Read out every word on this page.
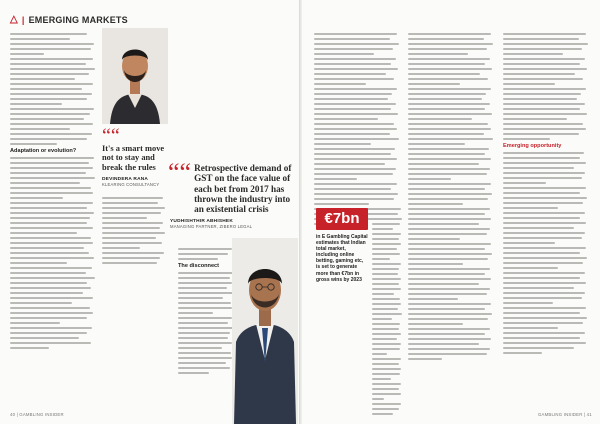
△ | EMERGING MARKETS
Adaptation or evolution?
““
It's a smart move not to stay and break the rules
DEVINDERA RANA
KLEARING CONSULTANCY ““ Retrospective demand of GST on the face value of each bet from 2017 has thrown the industry into an existential crisis
YUDHISHTHIR ABHISHEK
MANAGING PARTNER, ZIBERO LEGAL
The disconnect
40 | GAMBLING INSIDER
€7bn
in E Gambling Capital estimates that Indian total market, including online betting, gaming etc, is set to generate more than €7bn in gross wins by 2023
Emerging opportunity
GAMBLING INSIDER | 41
